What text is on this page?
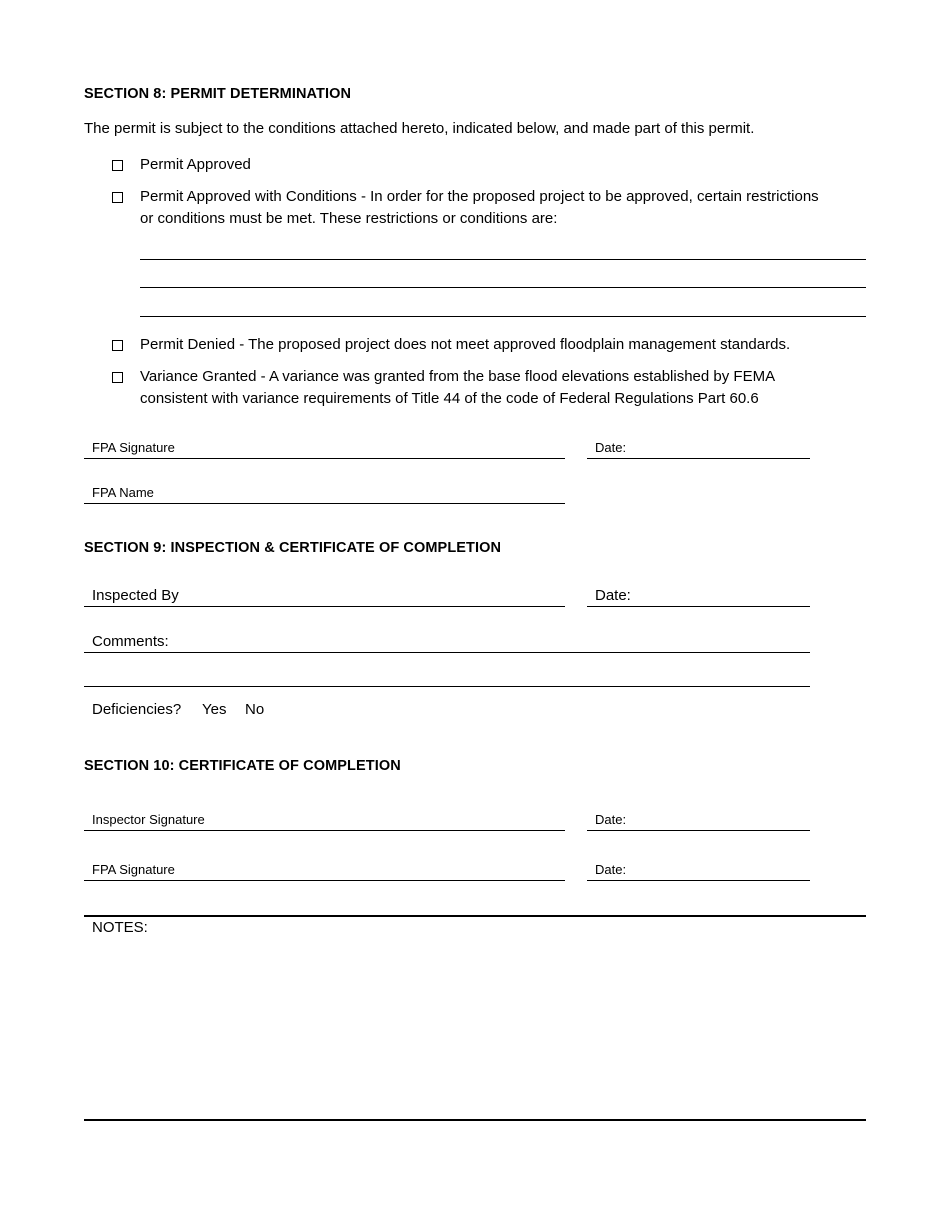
SECTION 8: PERMIT DETERMINATION
The permit is subject to the conditions attached hereto, indicated below, and made part of this permit.
Permit Approved
Permit Approved with Conditions - In order for the proposed project to be approved, certain restrictions
or conditions must be met. These restrictions or conditions are:
Permit Denied - The proposed project does not meet approved floodplain management standards.
Variance Granted - A variance was granted from the base flood elevations established by FEMA
consistent with variance requirements of Title 44 of the code of Federal Regulations Part 60.6
FPA Signature	Date:
FPA Name
SECTION 9: INSPECTION & CERTIFICATE OF COMPLETION
Inspected By	Date:
Comments:
Deficiencies? Yes No
SECTION 10: CERTIFICATE OF COMPLETION
Inspector Signature	Date:
FPA Signature	Date:
NOTES:
